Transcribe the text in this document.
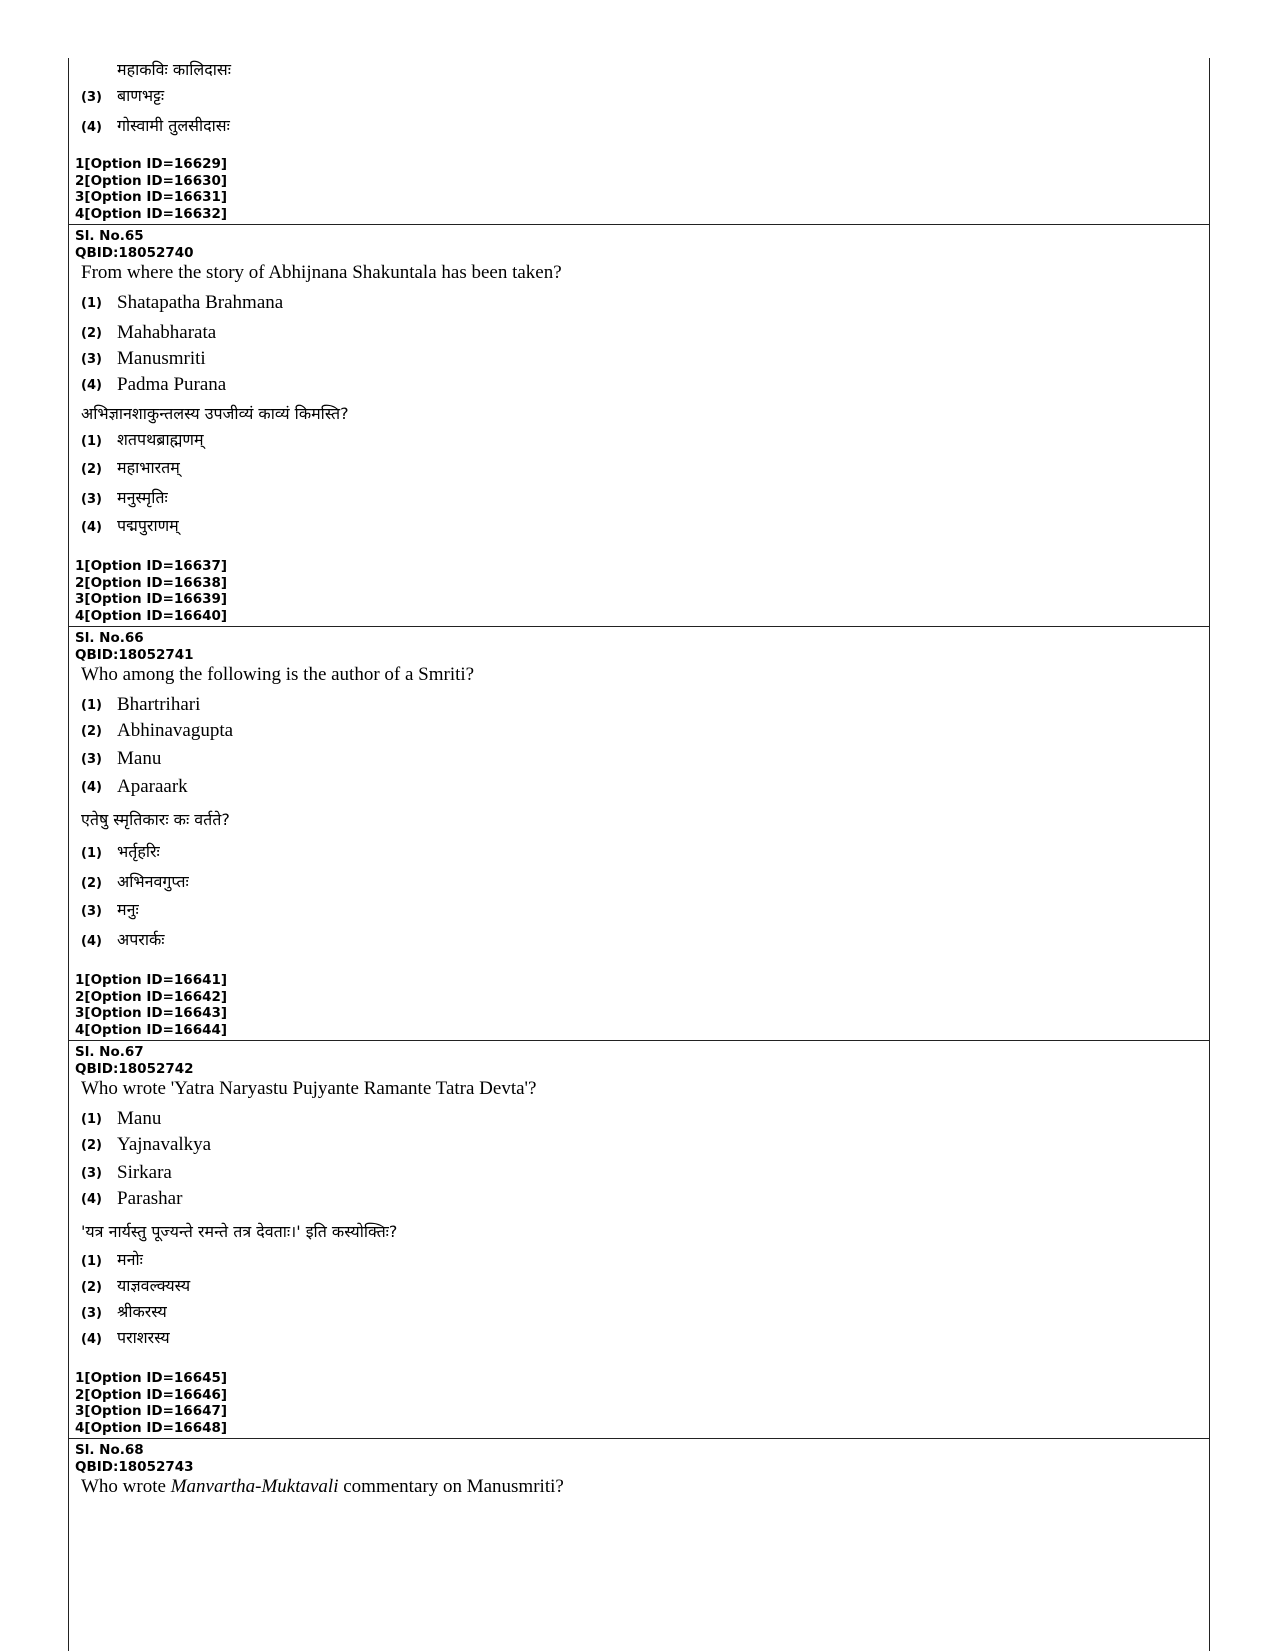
महाकविः कालिदासः
(3) बाणभट्टः
(4) गोस्वामी तुलसीदासः

1[Option ID=16629]

2[Option ID=16630]

3[Option ID=16631]

4[Option ID=16632]

Sl. No.65

QBID:18052740

From where the story of Abhijnana Shakuntala has been taken?

(1) Shatapatha Brahmana
(2) Mahabharata
(3) Manusmriti
(4) Padma Purana

अभिज्ञानशाकुन्तलस्य उपजीव्यं काव्यं किमस्ति?

(1) शतपथब्राह्मणम्
(2) महाभारतम्
(3) मनुस्मृतिः
(4) पद्मपुराणम्

1[Option ID=16637]

2[Option ID=16638]

3[Option ID=16639]

4[Option ID=16640]

Sl. No.66

QBID:18052741

Who among the following is the author of a Smriti?

(1) Bhartrihari
(2) Abhinavagupta
(3) Manu
(4) Aparaark

एतेषु स्मृतिकारः कः वर्तते?

(1) भर्तृहरिः
(2) अभिनवगुप्तः
(3) मनुः
(4) अपरार्कः

1[Option ID=16641]

2[Option ID=16642]

3[Option ID=16643]

4[Option ID=16644]

Sl. No.67

QBID:18052742

Who wrote 'Yatra Naryastu Pujyante Ramante Tatra Devta'?

(1) Manu
(2) Yajnavalkya
(3) Sirkara
(4) Parashar

'यत्र नार्यस्तु पूज्यन्ते रमन्ते तत्र देवताः।' इति कस्योक्तिः?

(1) मनोः
(2) याज्ञवल्क्यस्य
(3) श्रीकरस्य
(4) पराशरस्य

1[Option ID=16645]

2[Option ID=16646]

3[Option ID=16647]

4[Option ID=16648]

Sl. No.68

QBID:18052743

Who wrote Manvartha-Muktavali commentary on Manusmriti?
